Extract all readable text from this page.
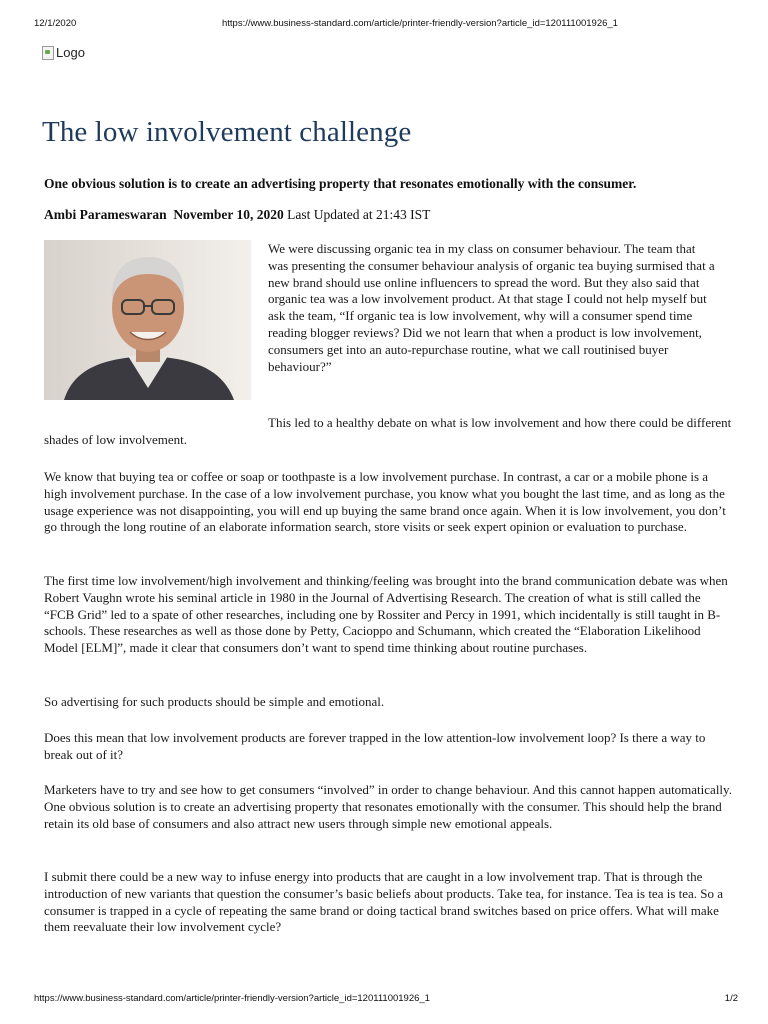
12/1/2020	https://www.business-standard.com/article/printer-friendly-version?article_id=120111001926_1
Logo
The low involvement challenge

One obvious solution is to create an advertising property that resonates emotionally with the consumer.

Ambi Parameswaran November 10, 2020 Last Updated at 21:43 IST

We were discussing organic tea in my class on consumer behaviour. The team that was presenting the consumer behaviour analysis of organic tea buying surmised that a new brand should use online influencers to spread the word. But they also said that organic tea was a low involvement product. At that stage I could not help myself but ask the team, “If organic tea is low involvement, why will a consumer spend time reading blogger reviews? Did we not learn that when a product is low involvement, consumers get into an auto-repurchase routine, what we call routinised buyer behaviour?”

This led to a healthy debate on what is low involvement and how there could be different shades of low involvement.

We know that buying tea or coffee or soap or toothpaste is a low involvement purchase. In contrast, a car or a mobile phone is a high involvement purchase. In the case of a low involvement purchase, you know what you bought the last time, and as long as the usage experience was not disappointing, you will end up buying the same brand once again. When it is low involvement, you don’t go through the long routine of an elaborate information search, store visits or seek expert opinion or evaluation to purchase.

The first time low involvement/high involvement and thinking/feeling was brought into the brand communication debate was when Robert Vaughn wrote his seminal article in 1980 in the Journal of Advertising Research. The creation of what is still called the “FCB Grid” led to a spate of other researches, including one by Rossiter and Percy in 1991, which incidentally is still taught in B-schools. These researches as well as those done by Petty, Cacioppo and Schumann, which created the “Elaboration Likelihood Model [ELM]”, made it clear that consumers don’t want to spend time thinking about routine purchases.

So advertising for such products should be simple and emotional.

Does this mean that low involvement products are forever trapped in the low attention-low involvement loop? Is there a way to break out of it?

Marketers have to try and see how to get consumers “involved” in order to change behaviour. And this cannot happen automatically. One obvious solution is to create an advertising property that resonates emotionally with the consumer. This should help the brand retain its old base of consumers and also attract new users through simple new emotional appeals.

I submit there could be a new way to infuse energy into products that are caught in a low involvement trap. That is through the introduction of new variants that question the consumer’s basic beliefs about products. Take tea, for instance. Tea is tea is tea. So a consumer is trapped in a cycle of repeating the same brand or doing tactical brand switches based on price offers. What will make them reevaluate their low involvement cycle?

https://www.business-standard.com/article/printer-friendly-version?article_id=120111001926_1	1/2
